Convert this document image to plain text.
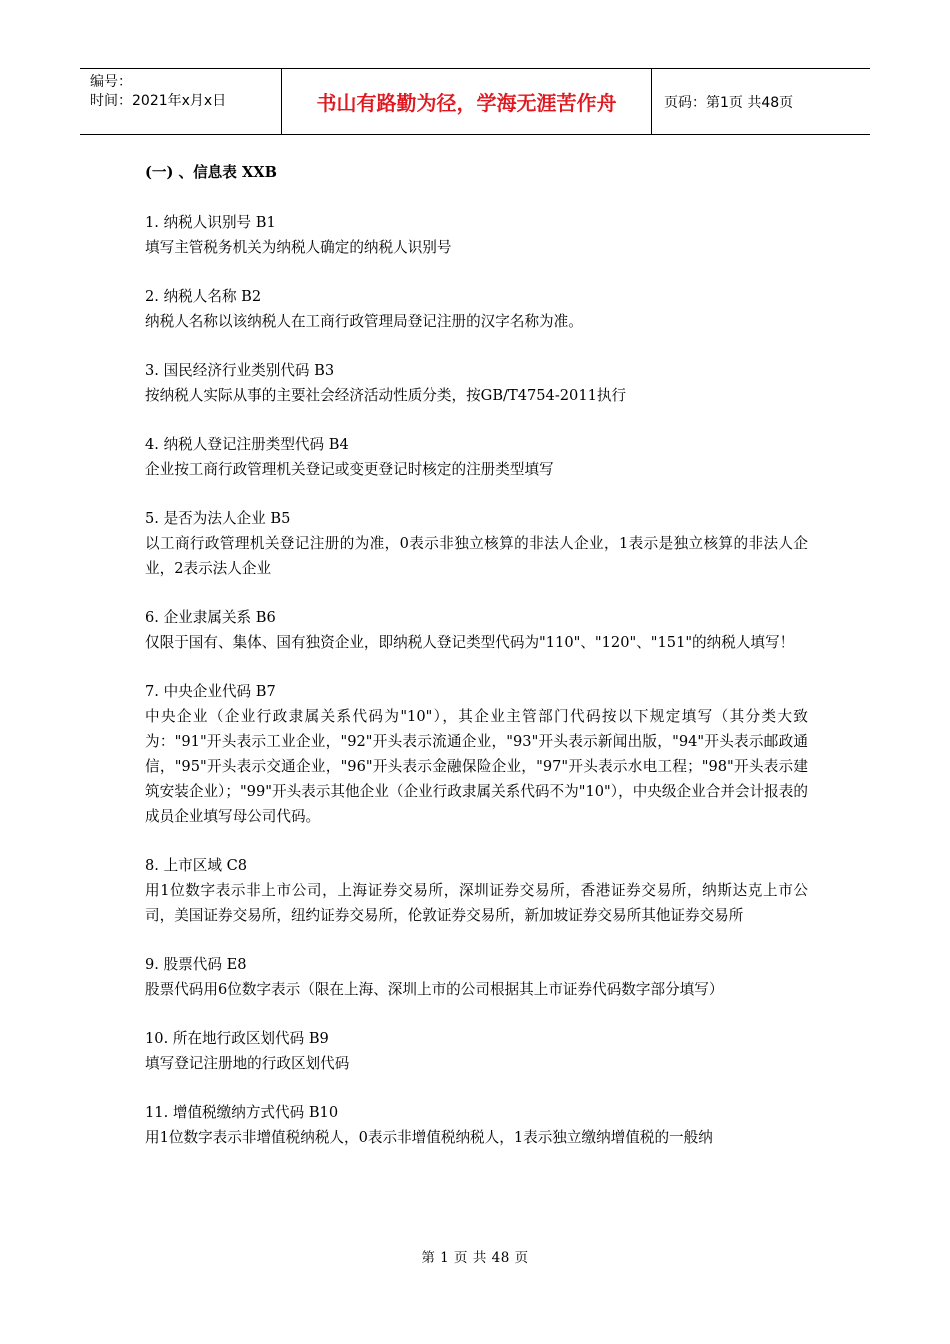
编号：
时间：2021年x月x日	书山有路勤为径，学海无涯苦作舟	页码：第1页 共48页
(一) 、信息表 XXB
1. 纳税人识别号 B1
填写主管税务机关为纳税人确定的纳税人识别号
2. 纳税人名称 B2
纳税人名称以该纳税人在工商行政管理局登记注册的汉字名称为准。
3. 国民经济行业类别代码 B3
按纳税人实际从事的主要社会经济活动性质分类，按GB/T4754-2011执行
4. 纳税人登记注册类型代码 B4
企业按工商行政管理机关登记或变更登记时核定的注册类型填写
5. 是否为法人企业 B5
以工商行政管理机关登记注册的为准，0表示非独立核算的非法人企业，1表示是独立核算的非法人企业，2表示法人企业
6. 企业隶属关系 B6
仅限于国有、集体、国有独资企业，即纳税人登记类型代码为"110"、"120"、"151"的纳税人填写！
7. 中央企业代码 B7
中央企业（企业行政隶属关系代码为"10"），其企业主管部门代码按以下规定填写（其分类大致为："91"开头表示工业企业，"92"开头表示流通企业，"93"开头表示新闻出版，"94"开头表示邮政通信，"95"开头表示交通企业，"96"开头表示金融保险企业，"97"开头表示水电工程；"98"开头表示建筑安装企业）；"99"开头表示其他企业（企业行政隶属关系代码不为"10"），中央级企业合并会计报表的成员企业填写母公司代码。
8. 上市区域 C8
用1位数字表示非上市公司，上海证券交易所，深圳证券交易所，香港证券交易所，纳斯达克上市公司，美国证券交易所，纽约证券交易所，伦敦证券交易所，新加坡证券交易所其他证券交易所
9. 股票代码 E8
股票代码用6位数字表示（限在上海、深圳上市的公司根据其上市证券代码数字部分填写）
10. 所在地行政区划代码 B9
填写登记注册地的行政区划代码
11. 增值税缴纳方式代码 B10
用1位数字表示非增值税纳税人，0表示非增值税纳税人，1表示独立缴纳增值税的一般纳
第 1 页 共 48 页
